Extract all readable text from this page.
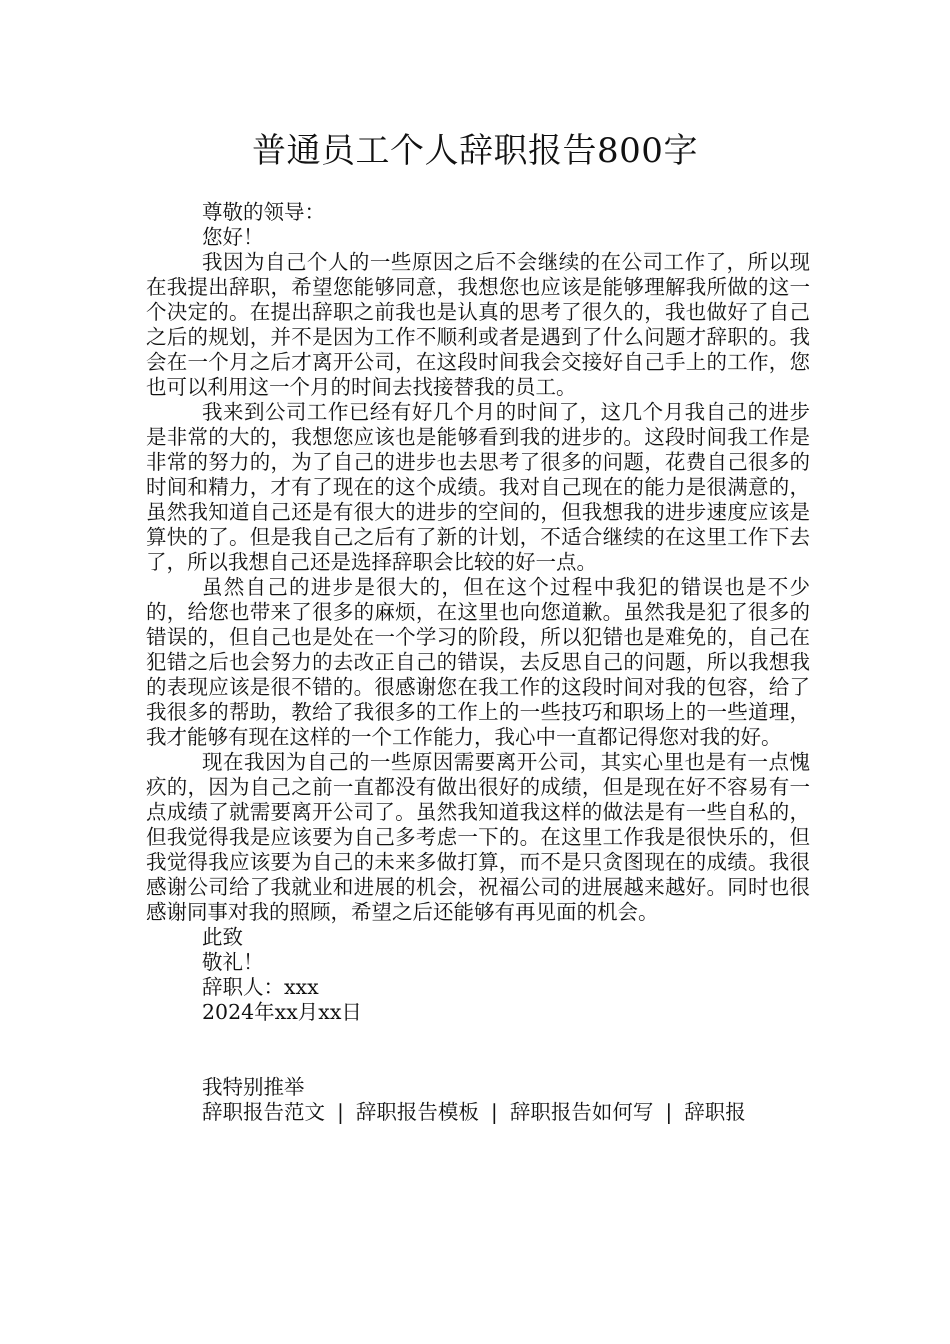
普通员工个人辞职报告800字
尊敬的领导：
您好！

我因为自己个人的一些原因之后不会继续的在公司工作了，所以现在我提出辞职，希望您能够同意，我想您也应该是能够理解我所做的这一个决定的。在提出辞职之前我也是认真的思考了很久的，我也做好了自己之后的规划，并不是因为工作不顺利或者是遇到了什么问题才辞职的。我会在一个月之后才离开公司，在这段时间我会交接好自己手上的工作，您也可以利用这一个月的时间去找接替我的员工。

我来到公司工作已经有好几个月的时间了，这几个月我自己的进步是非常的大的，我想您应该也是能够看到我的进步的。这段时间我工作是非常的努力的，为了自己的进步也去思考了很多的问题，花费自己很多的时间和精力，才有了现在的这个成绩。我对自己现在的能力是很满意的，虽然我知道自己还是有很大的进步的空间的，但我想我的进步速度应该是算快的了。但是我自己之后有了新的计划，不适合继续的在这里工作下去了，所以我想自己还是选择辞职会比较的好一点。

虽然自己的进步是很大的，但在这个过程中我犯的错误也是不少的，给您也带来了很多的麻烦，在这里也向您道歉。虽然我是犯了很多的错误的，但自己也是处在一个学习的阶段，所以犯错也是难免的，自己在犯错之后也会努力的去改正自己的错误，去反思自己的问题，所以我想我的表现应该是很不错的。很感谢您在我工作的这段时间对我的包容，给了我很多的帮助，教给了我很多的工作上的一些技巧和职场上的一些道理，我才能够有现在这样的一个工作能力，我心中一直都记得您对我的好。

现在我因为自己的一些原因需要离开公司，其实心里也是有一点愧疚的，因为自己之前一直都没有做出很好的成绩，但是现在好不容易有一点成绩了就需要离开公司了。虽然我知道我这样的做法是有一些自私的，但我觉得我是应该要为自己多考虑一下的。在这里工作我是很快乐的，但我觉得我应该要为自己的未来多做打算，而不是只贪图现在的成绩。我很感谢公司给了我就业和进展的机会，祝福公司的进展越来越好。同时也很感谢同事对我的照顾，希望之后还能够有再见面的机会。

此致
敬礼！
辞职人：xxx
2024年xx月xx日
我特别推举
辞职报告范文 | 辞职报告模板 | 辞职报告如何写 | 辞职报
